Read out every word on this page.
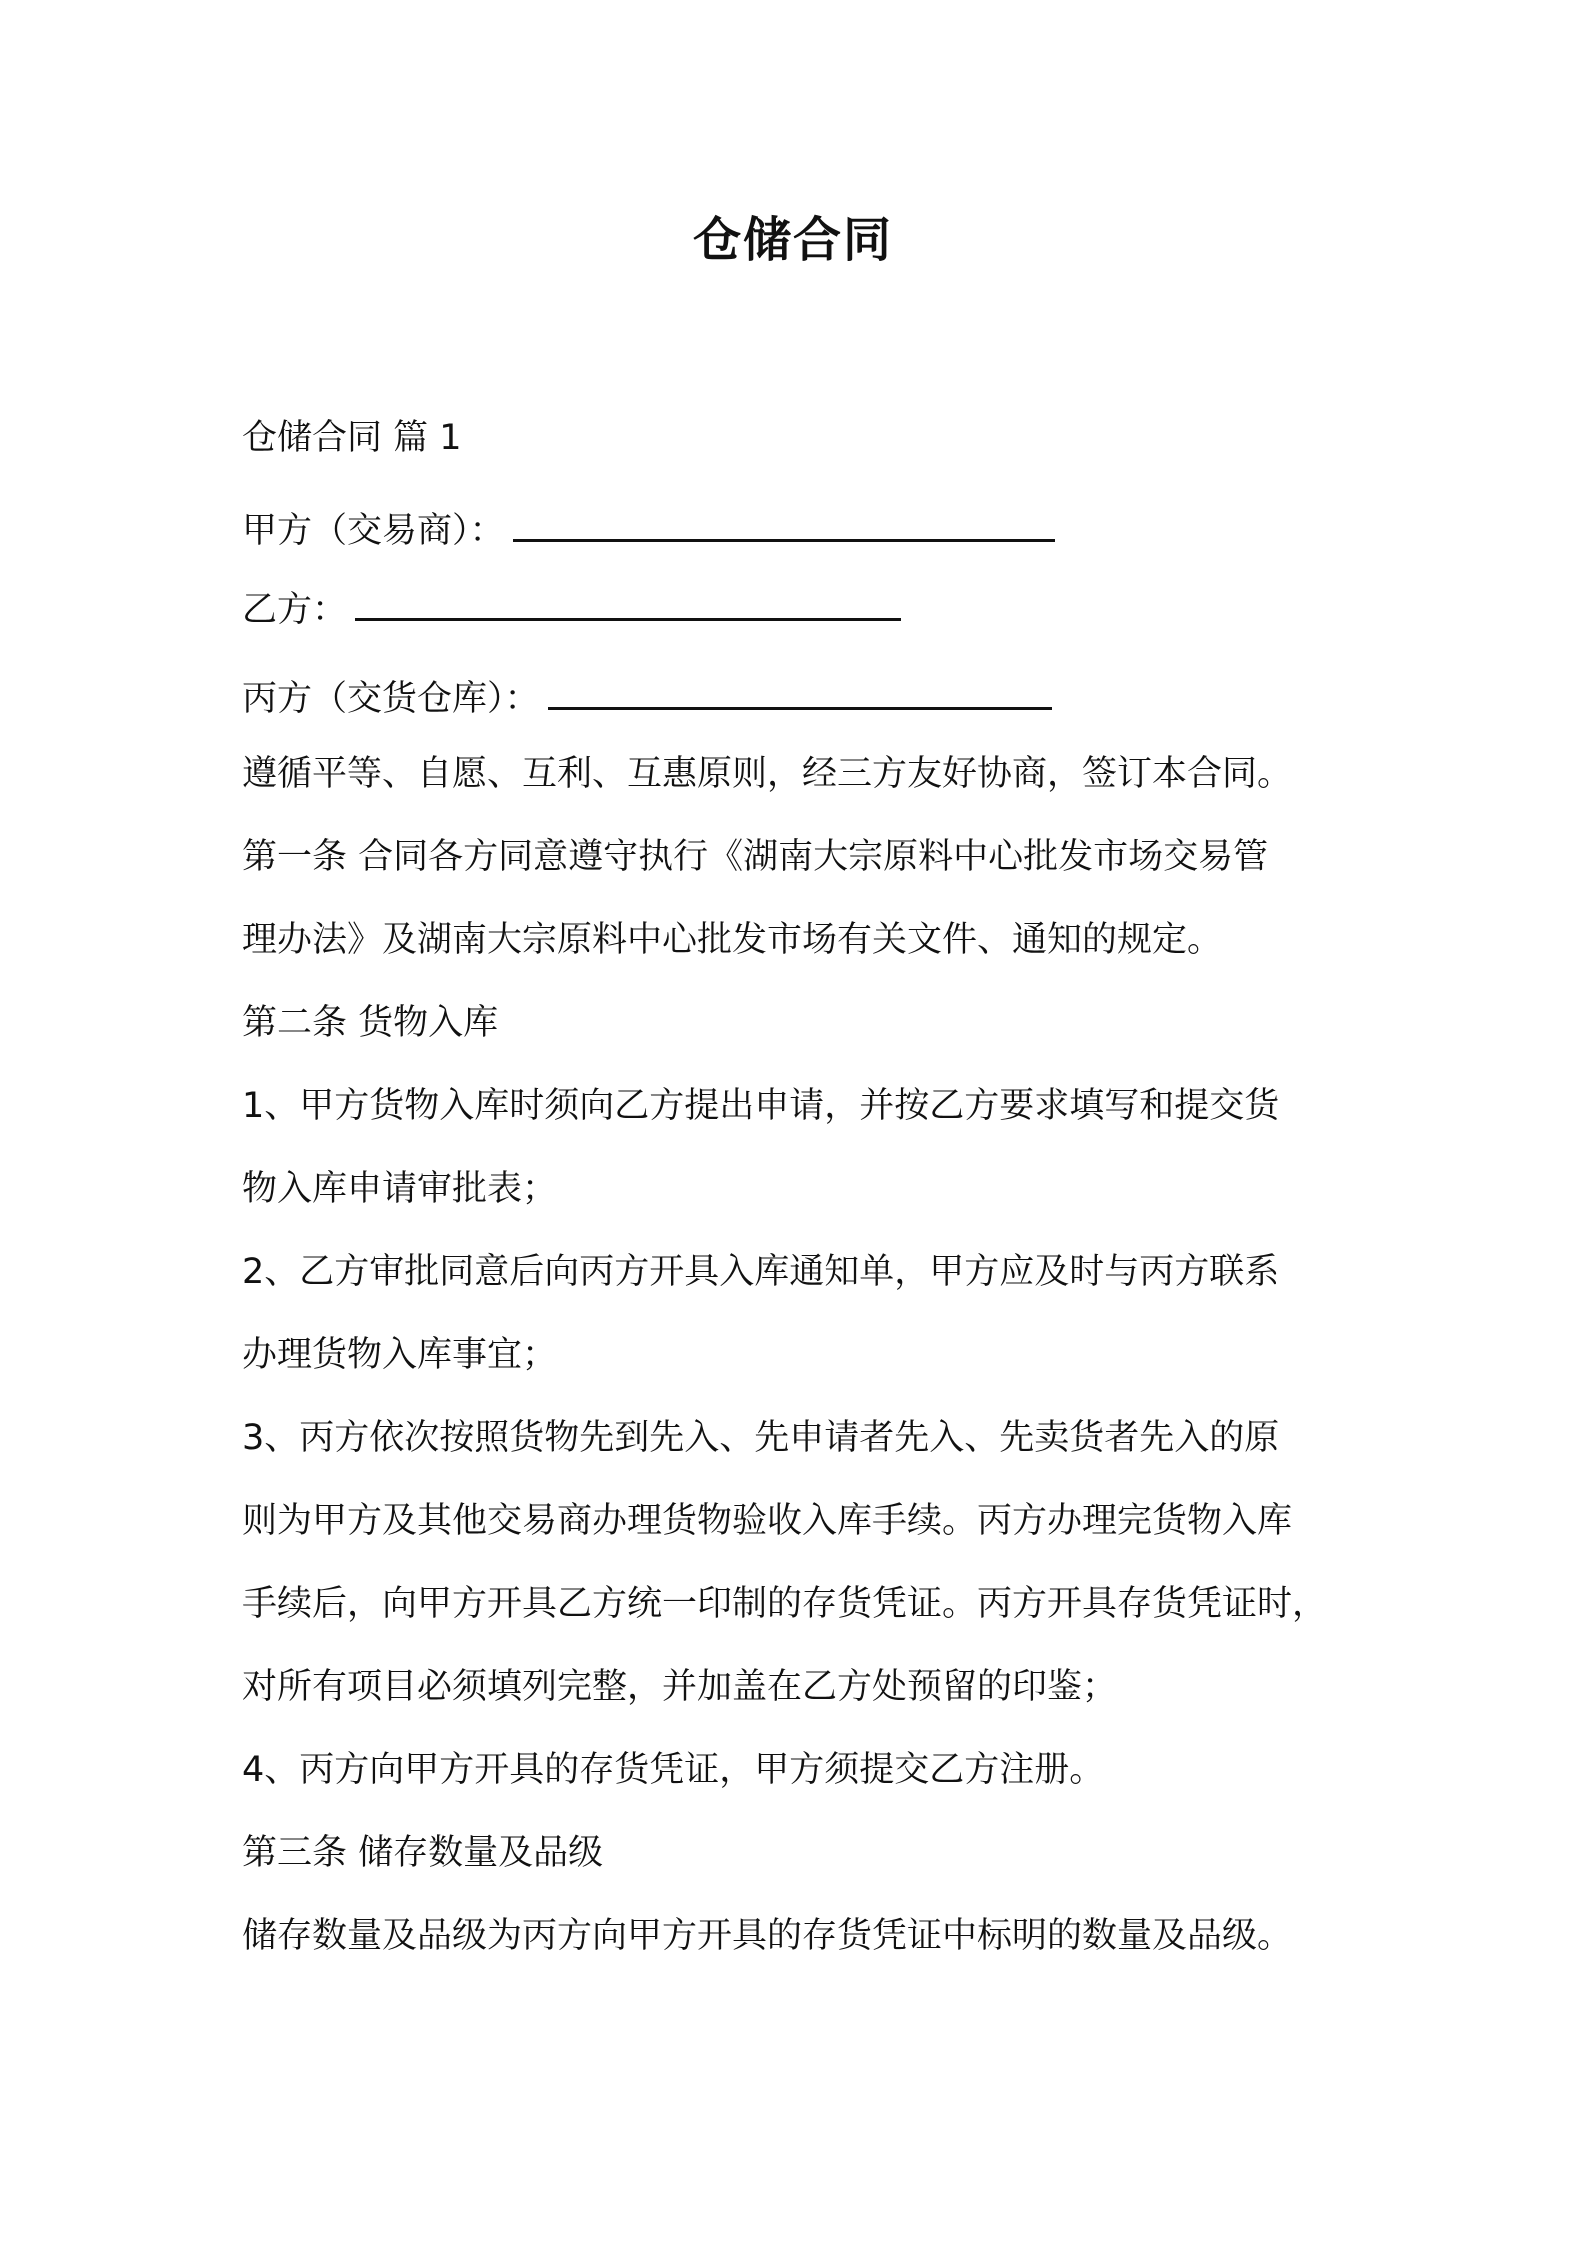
仓储合同
仓储合同 篇 1
甲方（交易商）：
乙方：
丙方（交货仓库）：
遵循平等、自愿、互利、互惠原则，经三方友好协商，签订本合同。
第一条 合同各方同意遵守执行《湖南大宗原料中心批发市场交易管
理办法》及湖南大宗原料中心批发市场有关文件、通知的规定。
第二条 货物入库
1、甲方货物入库时须向乙方提出申请，并按乙方要求填写和提交货
物入库申请审批表；
2、乙方审批同意后向丙方开具入库通知单，甲方应及时与丙方联系
办理货物入库事宜；
3、丙方依次按照货物先到先入、先申请者先入、先卖货者先入的原
则为甲方及其他交易商办理货物验收入库手续。丙方办理完货物入库
手续后，向甲方开具乙方统一印制的存货凭证。丙方开具存货凭证时，
对所有项目必须填列完整，并加盖在乙方处预留的印鉴；
4、丙方向甲方开具的存货凭证，甲方须提交乙方注册。
第三条 储存数量及品级
储存数量及品级为丙方向甲方开具的存货凭证中标明的数量及品级。
